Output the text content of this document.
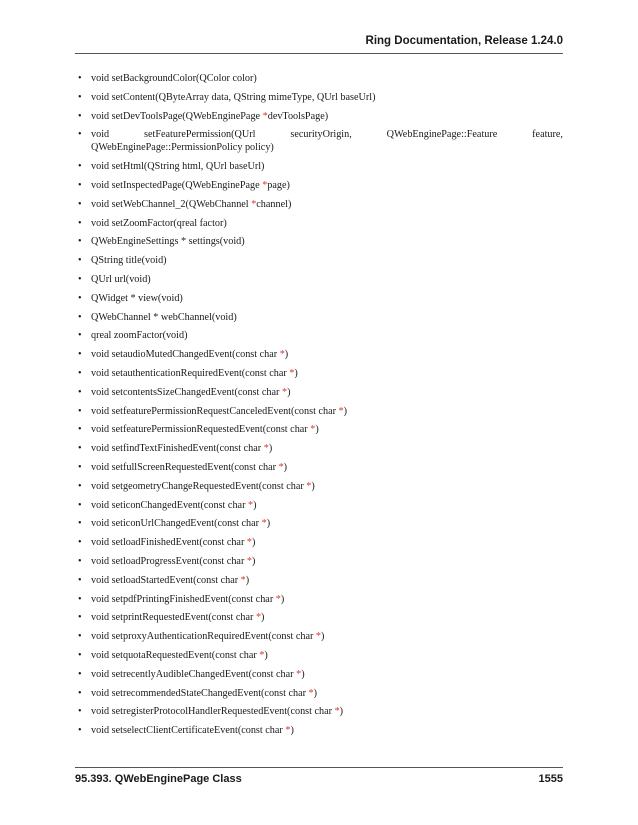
Ring Documentation, Release 1.24.0
• void setBackgroundColor(QColor color)
• void setContent(QByteArray data, QString mimeType, QUrl baseUrl)
• void setDevToolsPage(QWebEnginePage *devToolsPage)
• void	setFeaturePermission(QUrl	securityOrigin,	QWebEnginePage::Feature	feature,
QWebEnginePage::PermissionPolicy policy)
• void setHtml(QString html, QUrl baseUrl)
• void setInspectedPage(QWebEnginePage *page)
• void setWebChannel_2(QWebChannel *channel)
• void setZoomFactor(qreal factor)
• QWebEngineSettings * settings(void)
• QString title(void)
• QUrl url(void)
• QWidget * view(void)
• QWebChannel * webChannel(void)
• qreal zoomFactor(void)
• void setaudioMutedChangedEvent(const char *)
• void setauthenticationRequiredEvent(const char *)
• void setcontentsSizeChangedEvent(const char *)
• void setfeaturePermissionRequestCanceledEvent(const char *)
• void setfeaturePermissionRequestedEvent(const char *)
• void setfindTextFinishedEvent(const char *)
• void setfullScreenRequestedEvent(const char *)
• void setgeometryChangeRequestedEvent(const char *)
• void seticonChangedEvent(const char *)
• void seticonUrlChangedEvent(const char *)
• void setloadFinishedEvent(const char *)
• void setloadProgressEvent(const char *)
• void setloadStartedEvent(const char *)
• void setpdfPrintingFinishedEvent(const char *)
• void setprintRequestedEvent(const char *)
• void setproxyAuthenticationRequiredEvent(const char *)
• void setquotaRequestedEvent(const char *)
• void setrecentlyAudibleChangedEvent(const char *)
• void setrecommendedStateChangedEvent(const char *)
• void setregisterProtocolHandlerRequestedEvent(const char *)
• void setselectClientCertificateEvent(const char *)
95.393. QWebEnginePage Class	1555
